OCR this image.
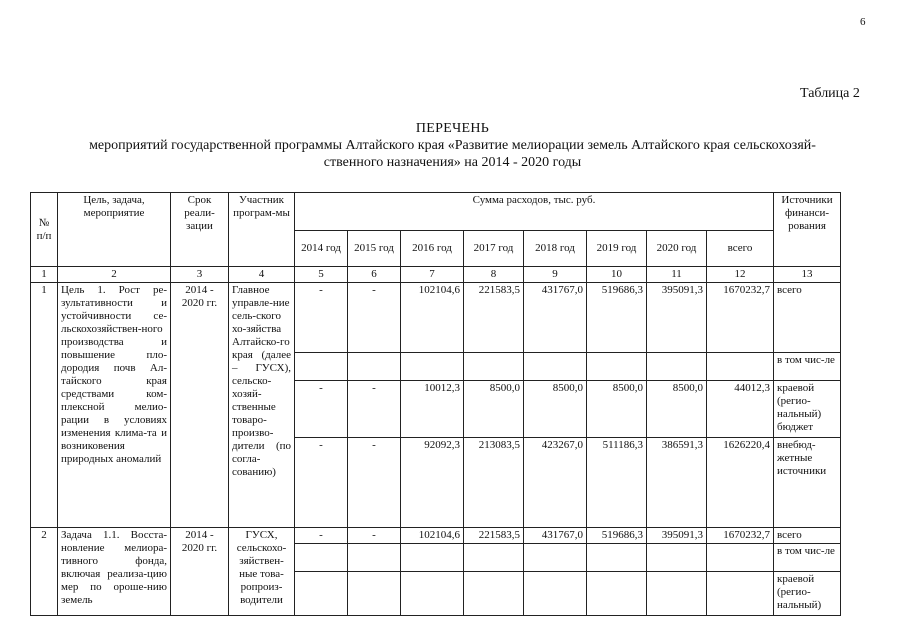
6
Таблица 2
ПЕРЕЧЕНЬ
мероприятий государственной программы Алтайского края «Развитие мелиорации земель Алтайского края сельскохозяй-
ственного назначения» на 2014 - 2020 годы
№ п/п	Цель, задача, мероприятие	Срок реали-зации	Участник програм-мы	Сумма расходов, тыс. руб.								Источники финанси-рования
				2014 год	2015 год	2016 год	2017 год	2018 год	2019 год	2020 год	всего	
1	2	3	4	5	6	7	8	9	10	11	12	13
1	Цель 1. Рост ре-зультативности и устойчивности се-льскохозяйствен-ного производства и повышение пло-дородия почв Ал-тайского края средствами ком-плексной мелио-рации в условиях изменения клима-та и возниковения природных аномалий	2014 - 2020 гг.	Главное управле-ние сель-ского хо-зяйства Алтайско-го края (далее – ГУСХ), сельско-хозяй-ственные товаро-произво-дители (по согла-сованию)	-	-	102104,6	221583,5	431767,0	519686,3	395091,3	1670232,7	всего
												в том чис-ле
				-	-	10012,3	8500,0	8500,0	8500,0	8500,0	44012,3	краевой (регио-нальный) бюджет
				-	-	92092,3	213083,5	423267,0	511186,3	386591,3	1626220,4	внебюд-жетные источники
2	Задача 1.1. Восста-новление мелиора-тивного фонда, включая реализа-цию мер по ороше-нию земель	2014 - 2020 гг.	ГУСХ, сельскохо-зяйствен-ные това-ропроиз-водители	-	-	102104,6	221583,5	431767,0	519686,3	395091,3	1670232,7	всего
												в том чис-ле
												краевой (регио-нальный)
